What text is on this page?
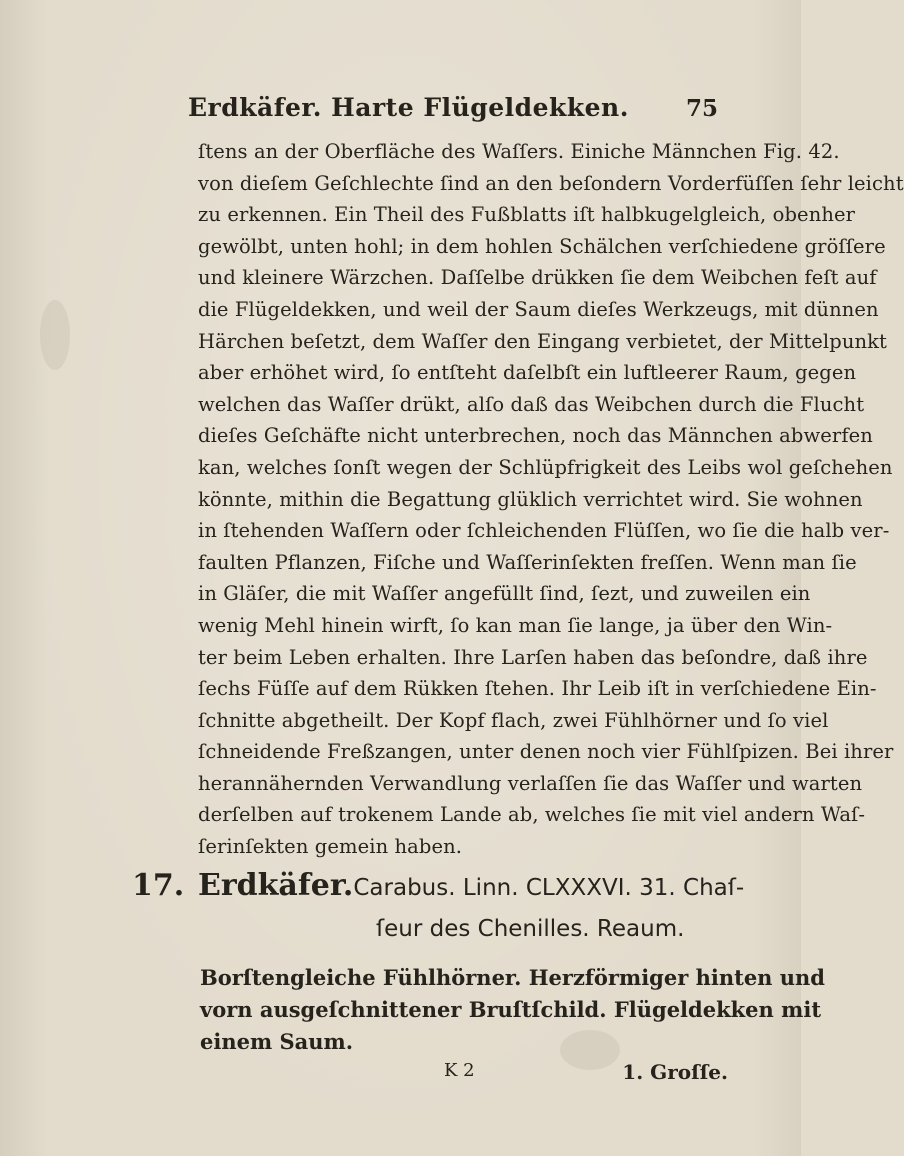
Erdkäfer. Harte Flügeldekken. 75
ſtens an der Oberfläche des Waſſers. Einiche Männchen Fig. 42.
von dieſem Geſchlechte ſind an den beſondern Vorderfüſſen ſehr leicht
zu erkennen. Ein Theil des Fußblatts iſt halbkugelgleich, obenher
gewölbt, unten hohl; in dem hohlen Schälchen verſchiedene gröſſere
und kleinere Wärzchen. Daſſelbe drükken ſie dem Weibchen feſt auf
die Flügeldekken, und weil der Saum dieſes Werkzeugs, mit dünnen
Härchen beſetzt, dem Waſſer den Eingang verbietet, der Mittelpunkt
aber erhöhet wird, ſo entſteht daſelbſt ein luftleerer Raum, gegen
welchen das Waſſer drükt, alſo daß das Weibchen durch die Flucht
dieſes Geſchäfte nicht unterbrechen, noch das Männchen abwerfen
kan, welches ſonſt wegen der Schlüpfrigkeit des Leibs wol geſchehen
könnte, mithin die Begattung glüklich verrichtet wird. Sie wohnen
in ſtehenden Waſſern oder ſchleichenden Flüſſen, wo ſie die halb ver-
faulten Pflanzen, Fiſche und Waſſerinſekten freſſen. Wenn man ſie
in Gläſer, die mit Waſſer angefüllt ſind, ſezt, und zuweilen ein
wenig Mehl hinein wirft, ſo kan man ſie lange, ja über den Win-
ter beim Leben erhalten. Ihre Larſen haben das beſondre, daß ihre
ſechs Füſſe auf dem Rükken ſtehen. Ihr Leib iſt in verſchiedene Ein-
ſchnitte abgetheilt. Der Kopf flach, zwei Fühlhörner und ſo viel
ſchneidende Freßzangen, unter denen noch vier Fühlſpizen. Bei ihrer
herannähernden Verwandlung verlaſſen ſie das Waſſer und warten
derſelben auf trokenem Lande ab, welches ſie mit viel andern Waſ-
ſerinſekten gemein haben.
17. Erdkäfer. Carabus. Linn. CLXXXVI. 31. Chaſ-
ſeur des Chenilles. Reaum.
Borſtengleiche Fühlhörner. Herzförmiger hinten und
vorn ausgeſchnittener Bruſtſchild. Flügeldekken mit
einem Saum.
K 2	1. Groſſe.
